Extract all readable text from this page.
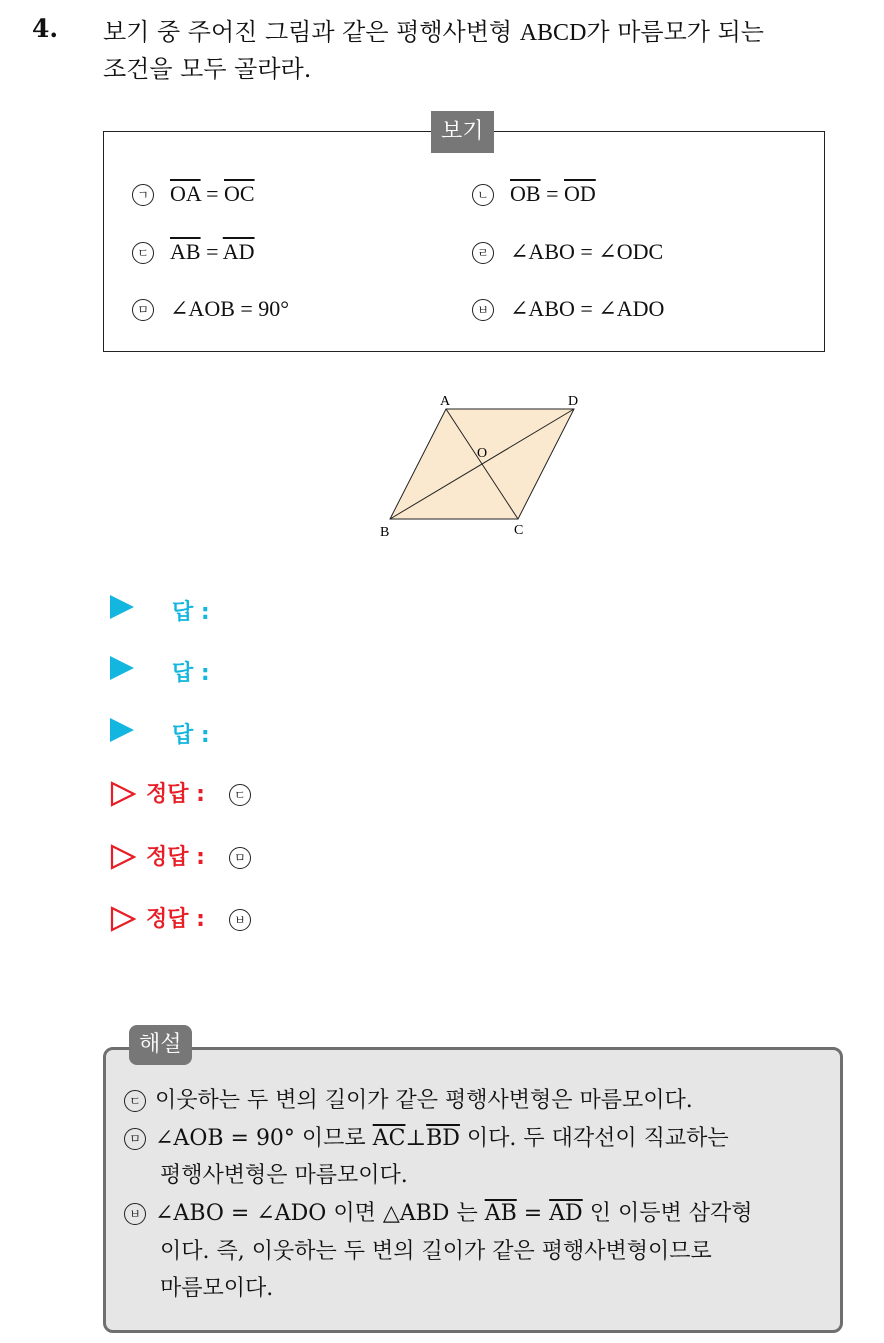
4. 보기 중 주어진 그림과 같은 평행사변형 ABCD가 마름모가 되는
조건을 모두 골라라.
보기
ㄱ $\overline{OA} = \overline{OC}$	ㄴ $\overline{OB} = \overline{OD}$
ㄷ $\overline{AB} = \overline{AD}$	ㄹ ∠ABO = ∠ODC
ㅁ ∠AOB = 90°	ㅂ ∠ABO = ∠ADO
A	D
B	C
O
답 :
답 :
답 :
정답 : ㄷ
정답 : ㅁ
정답 : ㅂ
해설
ㄷ 이웃하는 두 변의 길이가 같은 평행사변형은 마름모이다.
ㅁ ∠AOB = 90° 이므로 $\overline{AC}\perp\overline{BD}$ 이다. 두 대각선이 직교하는
평행사변형은 마름모이다.
ㅂ ∠ABO = ∠ADO 이면 △ABD 는 $\overline{AB} = \overline{AD}$ 인 이등변 삼각형
이다. 즉, 이웃하는 두 변의 길이가 같은 평행사변형이므로
마름모이다.
